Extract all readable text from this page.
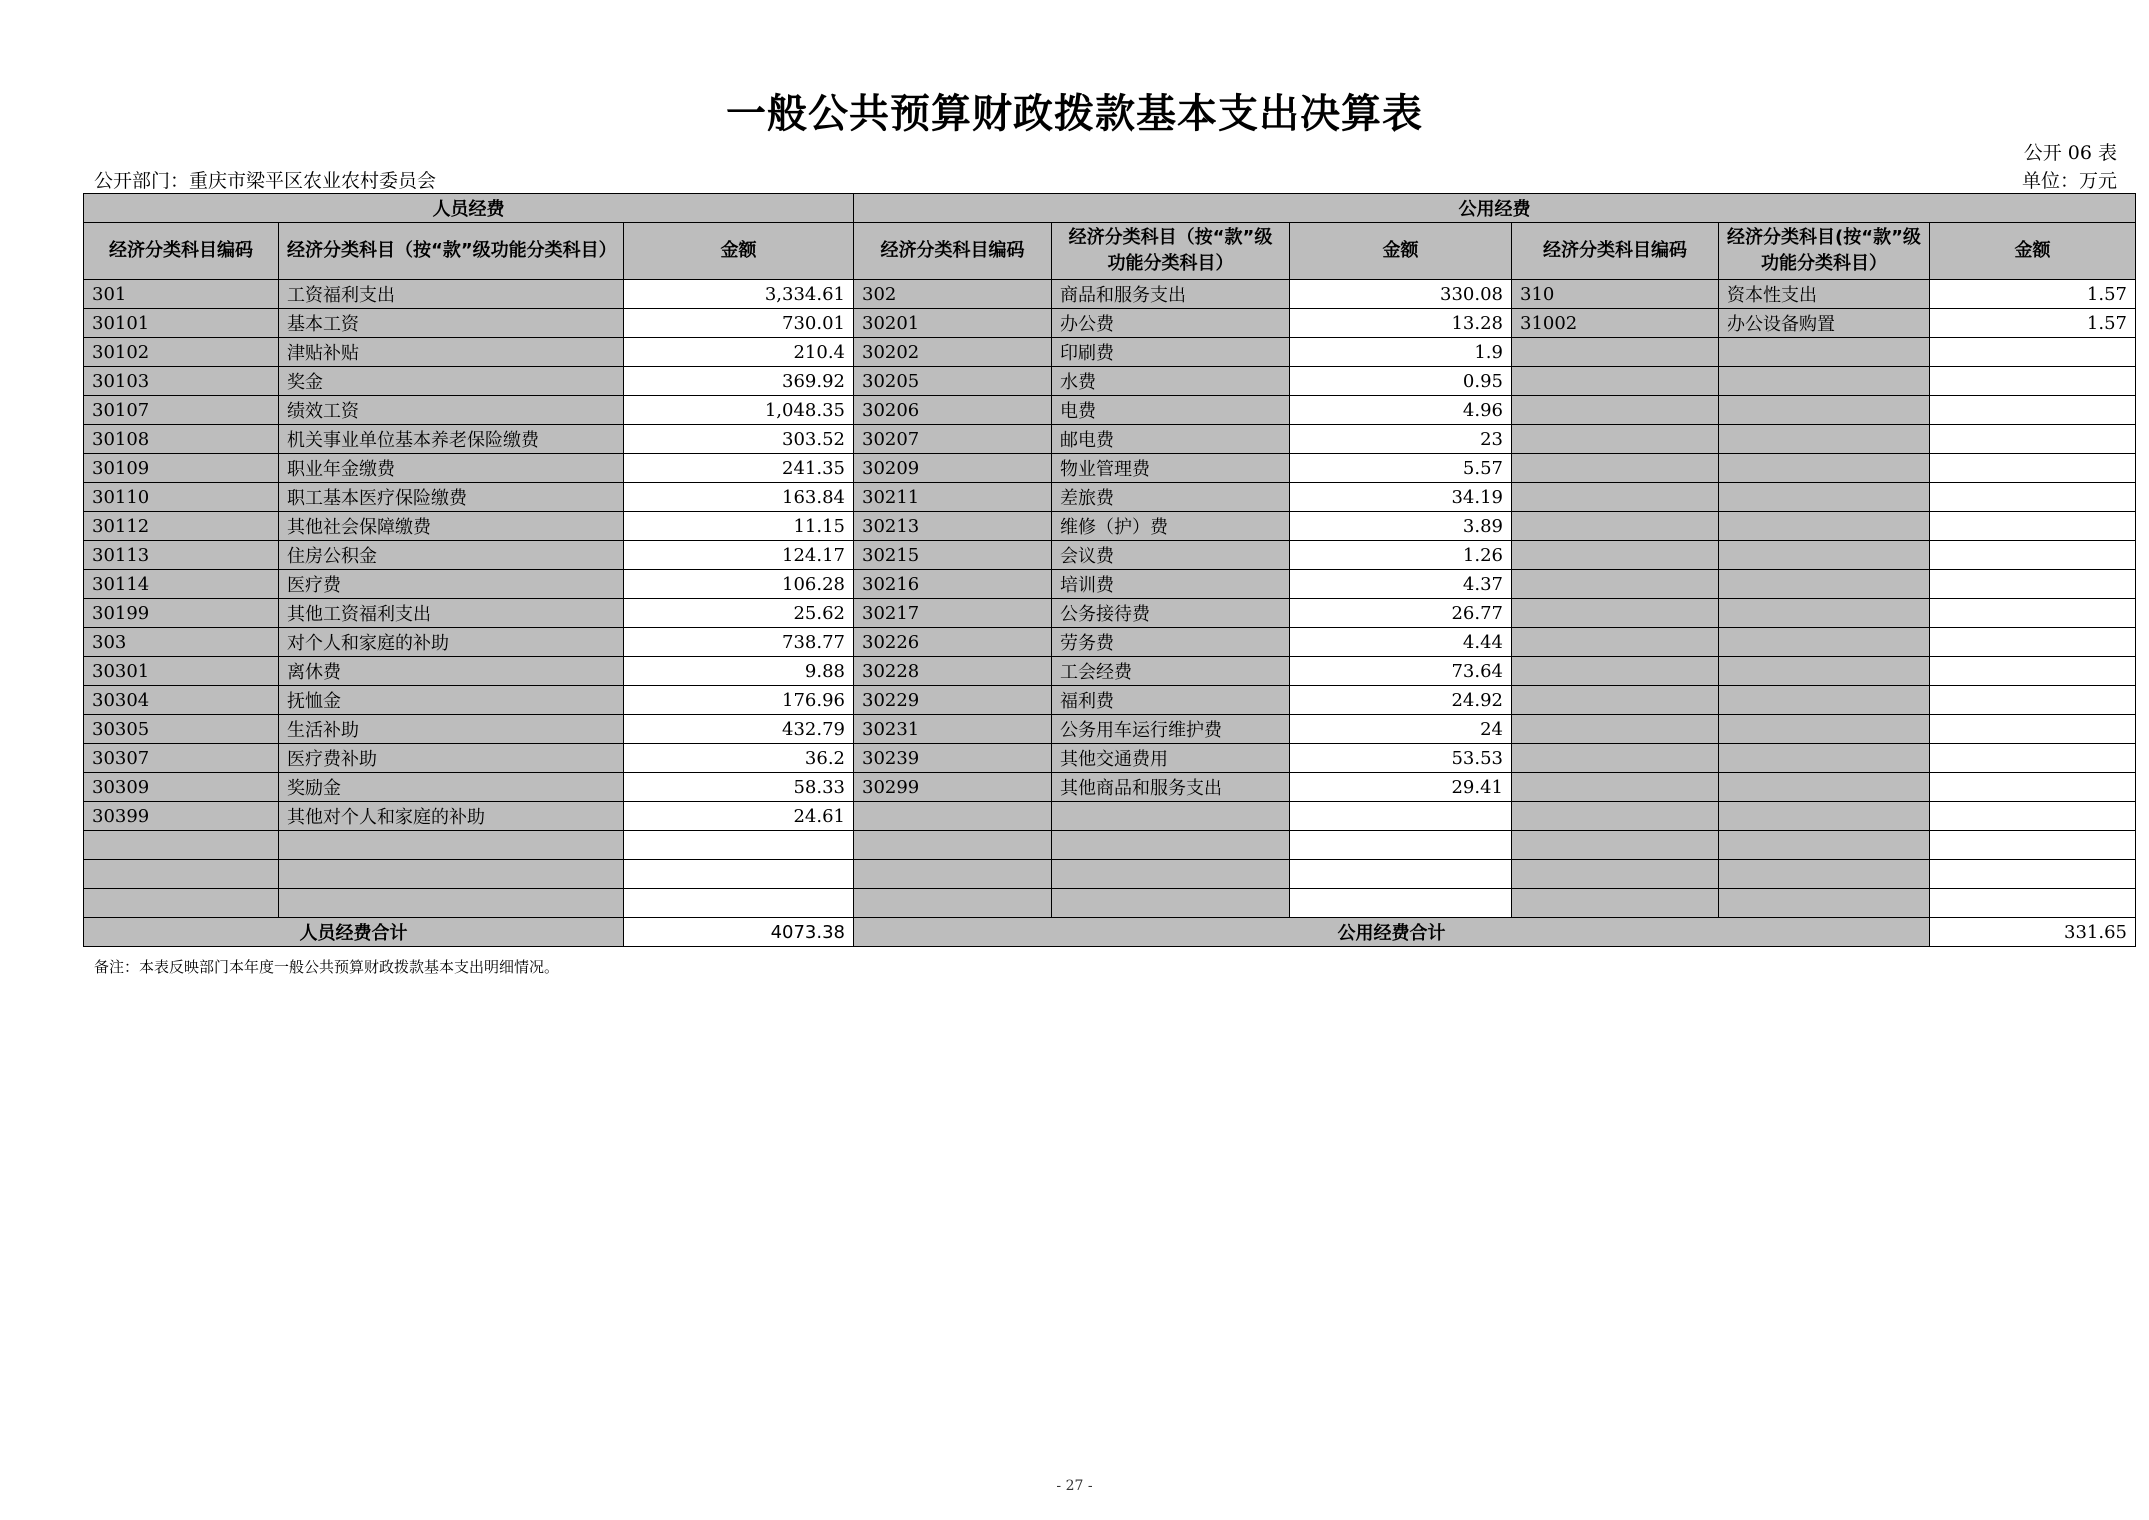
一般公共预算财政拨款基本支出决算表
公开 06 表
公开部门：重庆市梁平区农业农村委员会	单位：万元
人员经费			公用经费					
经济分类科目编码	经济分类科目（按“款”级功能分类科目）	金额	经济分类科目编码	经济分类科目（按“款”级功能分类科目）	金额	经济分类科目编码	经济分类科目(按“款”级功能分类科目）	金额
301	工资福利支出	3,334.61	302	商品和服务支出	330.08	310	资本性支出	1.57
30101	基本工资	730.01	30201	办公费	13.28	31002	办公设备购置	1.57
30102	津贴补贴	210.4	30202	印刷费	1.9			
30103	奖金	369.92	30205	水费	0.95			
30107	绩效工资	1,048.35	30206	电费	4.96			
30108	机关事业单位基本养老保险缴费	303.52	30207	邮电费	23			
30109	职业年金缴费	241.35	30209	物业管理费	5.57			
30110	职工基本医疗保险缴费	163.84	30211	差旅费	34.19			
30112	其他社会保障缴费	11.15	30213	维修（护）费	3.89			
30113	住房公积金	124.17	30215	会议费	1.26			
30114	医疗费	106.28	30216	培训费	4.37			
30199	其他工资福利支出	25.62	30217	公务接待费	26.77			
303	对个人和家庭的补助	738.77	30226	劳务费	4.44			
30301	离休费	9.88	30228	工会经费	73.64			
30304	抚恤金	176.96	30229	福利费	24.92			
30305	生活补助	432.79	30231	公务用车运行维护费	24			
30307	医疗费补助	36.2	30239	其他交通费用	53.53			
30309	奖励金	58.33	30299	其他商品和服务支出	29.41			
30399	其他对个人和家庭的补助	24.61						

人员经费合计		4073.38	公用经费合计					331.65
备注：本表反映部门本年度一般公共预算财政拨款基本支出明细情况。
- 27 -
